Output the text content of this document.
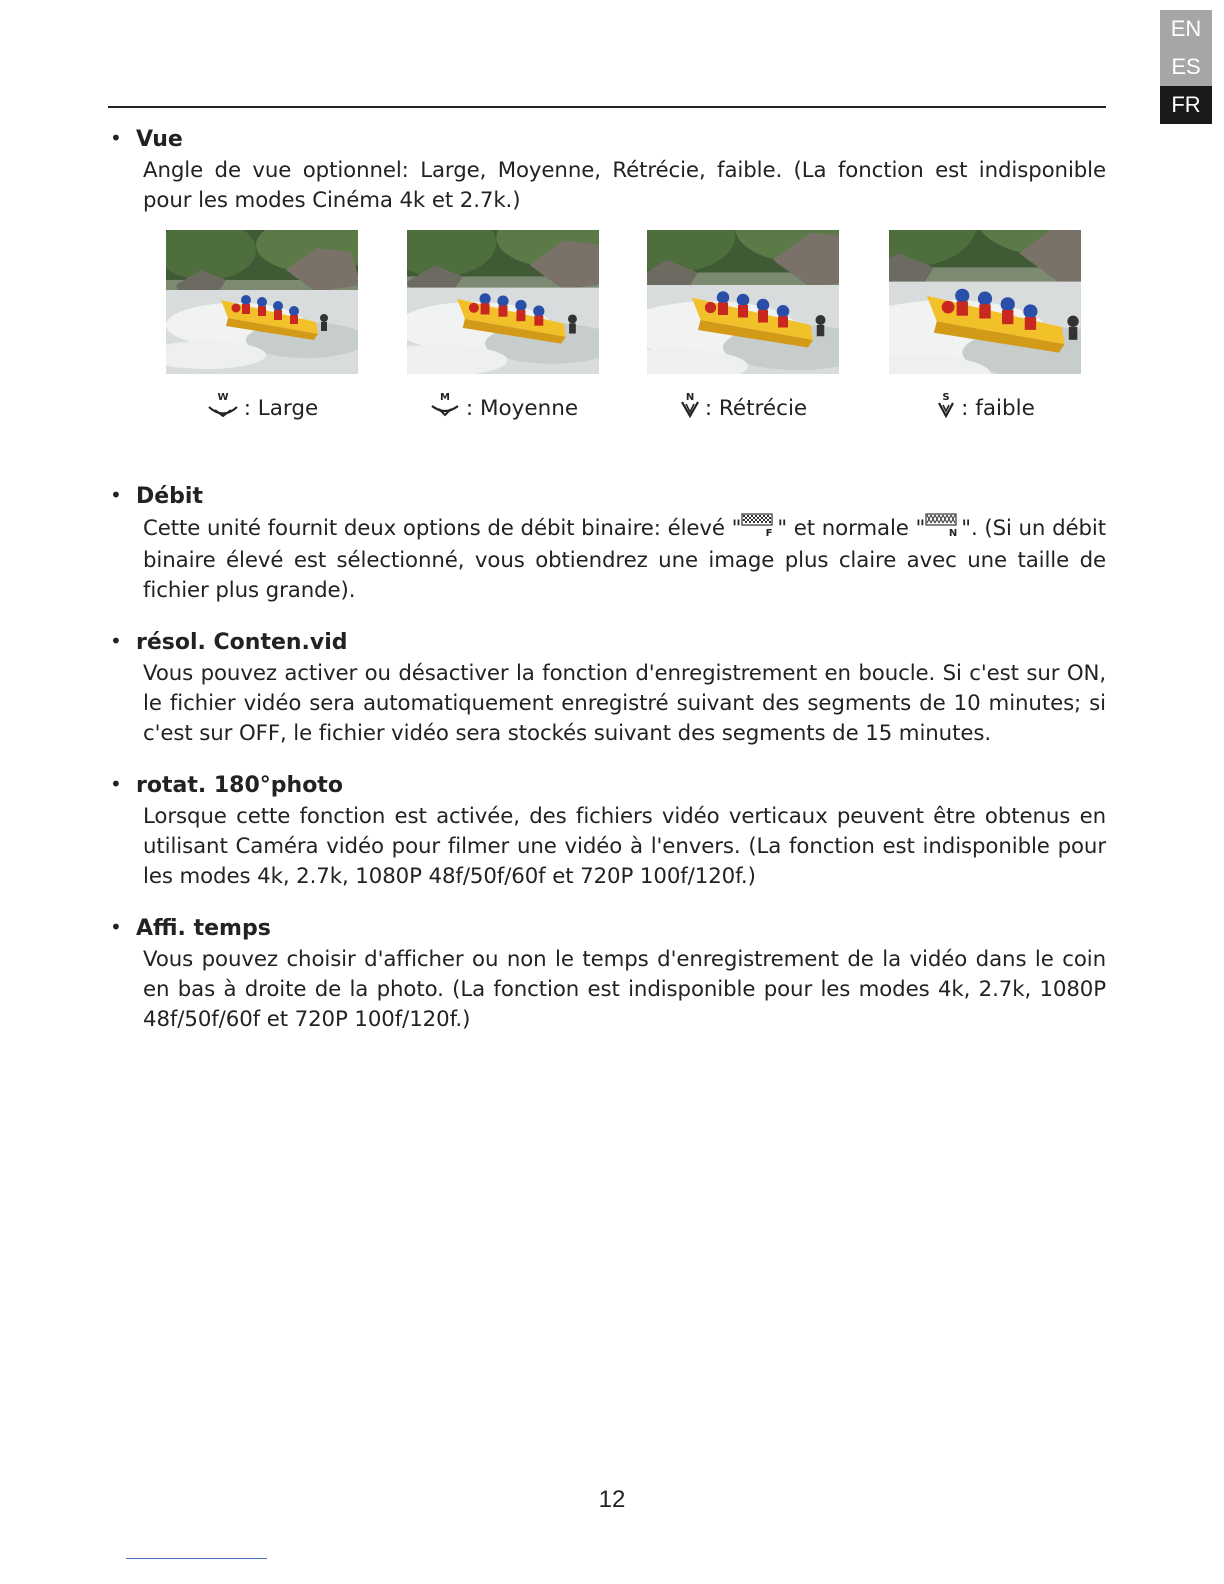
EN
ES
FR
• Vue
Angle de vue optionnel: Large, Moyenne, Rétrécie, faible. (La fonction est indisponible pour les modes Cinéma 4k et 2.7k.)
W : Large	M : Moyenne	N : Rétrécie	S : faible
• Débit
Cette unité fournit deux options de débit binaire: élevé " F " et normale " N ". (Si un débit binaire élevé est sélectionné, vous obtiendrez une image plus claire avec une taille de fichier plus grande).
• résol. Conten.vid
Vous pouvez activer ou désactiver la fonction d'enregistrement en boucle. Si c'est sur ON, le fichier vidéo sera automatiquement enregistré suivant des segments de 10 minutes; si c'est sur OFF, le fichier vidéo sera stockés suivant des segments de 15 minutes.
• rotat. 180°photo
Lorsque cette fonction est activée, des fichiers vidéo verticaux peuvent être obtenus en utilisant Caméra vidéo pour filmer une vidéo à l'envers. (La fonction est indisponible pour les modes 4k, 2.7k, 1080P 48f/50f/60f et 720P 100f/120f.)
• Affi. temps
Vous pouvez choisir d'afficher ou non le temps d'enregistrement de la vidéo dans le coin en bas à droite de la photo. (La fonction est indisponible pour les modes 4k, 2.7k, 1080P 48f/50f/60f et 720P 100f/120f.)
12
